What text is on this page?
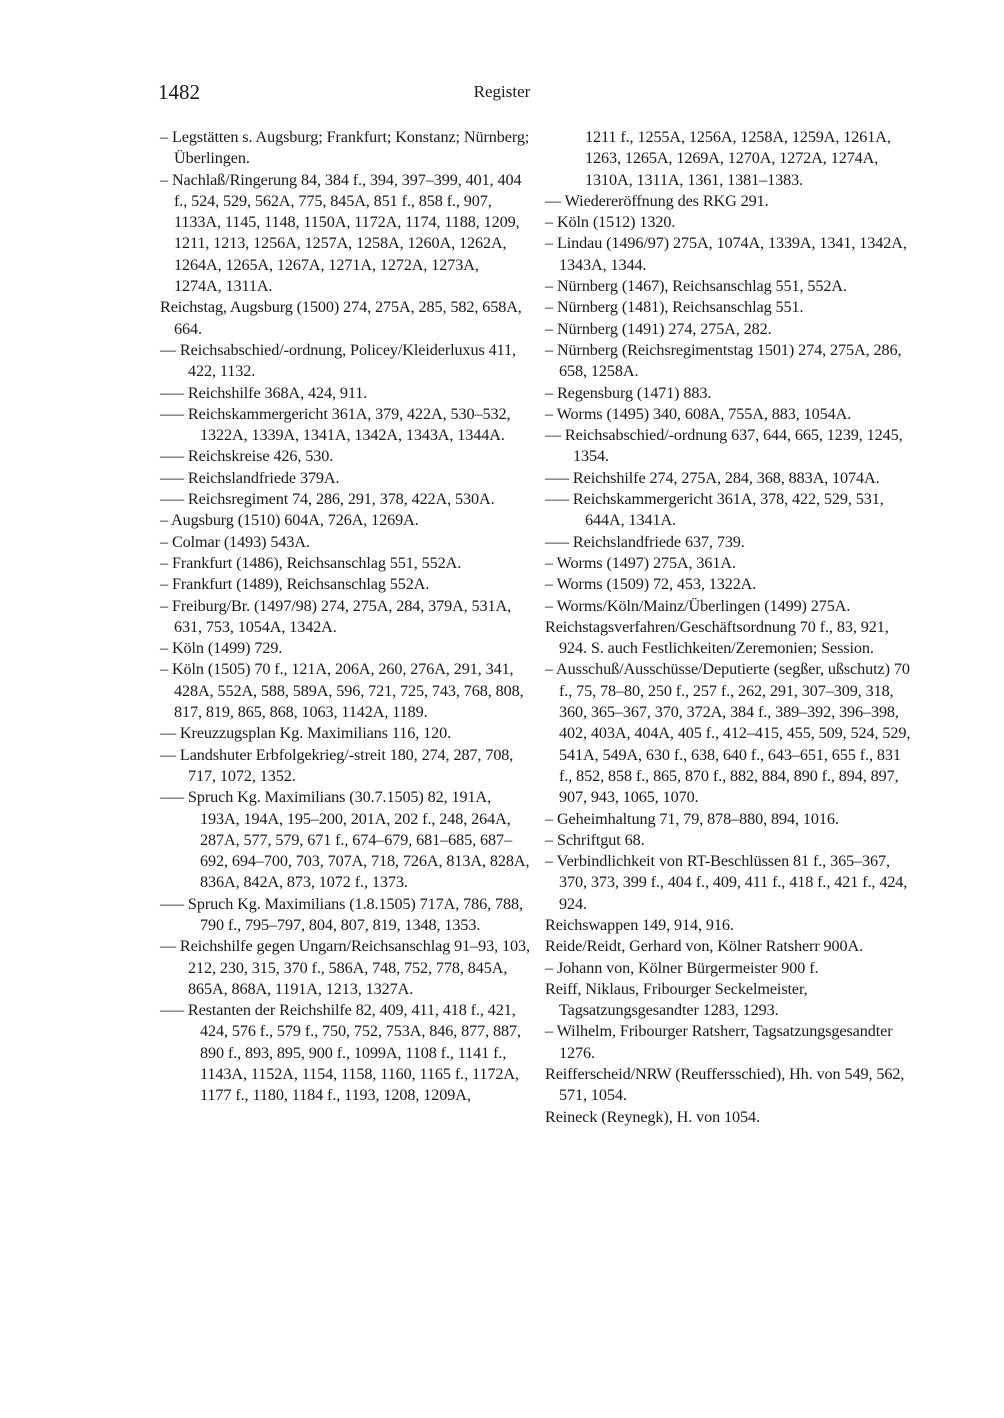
1482	Register
– Legstätten s. Augsburg; Frankfurt; Konstanz; Nürnberg; Überlingen.
– Nachlaß/Ringerung 84, 384 f., 394, 397–399, 401, 404 f., 524, 529, 562A, 775, 845A, 851 f., 858 f., 907, 1133A, 1145, 1148, 1150A, 1172A, 1174, 1188, 1209, 1211, 1213, 1256A, 1257A, 1258A, 1260A, 1262A, 1264A, 1265A, 1267A, 1271A, 1272A, 1273A, 1274A, 1311A.
Reichstag, Augsburg (1500) 274, 275A, 285, 582, 658A, 664.
–– Reichsabschied/-ordnung, Policey/Kleiderluxus 411, 422, 1132.
––– Reichshilfe 368A, 424, 911.
––– Reichskammergericht 361A, 379, 422A, 530–532, 1322A, 1339A, 1341A, 1342A, 1343A, 1344A.
––– Reichskreise 426, 530.
––– Reichslandfriede 379A.
––– Reichsregiment 74, 286, 291, 378, 422A, 530A.
– Augsburg (1510) 604A, 726A, 1269A.
– Colmar (1493) 543A.
– Frankfurt (1486), Reichsanschlag 551, 552A.
– Frankfurt (1489), Reichsanschlag 552A.
– Freiburg/Br. (1497/98) 274, 275A, 284, 379A, 531A, 631, 753, 1054A, 1342A.
– Köln (1499) 729.
– Köln (1505) 70 f., 121A, 206A, 260, 276A, 291, 341, 428A, 552A, 588, 589A, 596, 721, 725, 743, 768, 808, 817, 819, 865, 868, 1063, 1142A, 1189.
–– Kreuzzugsplan Kg. Maximilians 116, 120.
–– Landshuter Erbfolgekrieg/-streit 180, 274, 287, 708, 717, 1072, 1352.
––– Spruch Kg. Maximilians (30.7.1505) 82, 191A, 193A, 194A, 195–200, 201A, 202 f., 248, 264A, 287A, 577, 579, 671 f., 674–679, 681–685, 687–692, 694–700, 703, 707A, 718, 726A, 813A, 828A, 836A, 842A, 873, 1072 f., 1373.
––– Spruch Kg. Maximilians (1.8.1505) 717A, 786, 788, 790 f., 795–797, 804, 807, 819, 1348, 1353.
–– Reichshilfe gegen Ungarn/Reichsanschlag 91–93, 103, 212, 230, 315, 370 f., 586A, 748, 752, 778, 845A, 865A, 868A, 1191A, 1213, 1327A.
––– Restanten der Reichshilfe 82, 409, 411, 418 f., 421, 424, 576 f., 579 f., 750, 752, 753A, 846, 877, 887, 890 f., 893, 895, 900 f., 1099A, 1108 f., 1141 f., 1143A, 1152A, 1154, 1158, 1160, 1165 f., 1172A, 1177 f., 1180, 1184 f., 1193, 1208, 1209A,
1211 f., 1255A, 1256A, 1258A, 1259A, 1261A, 1263, 1265A, 1269A, 1270A, 1272A, 1274A, 1310A, 1311A, 1361, 1381–1383.
–– Wiedereröffnung des RKG 291.
– Köln (1512) 1320.
– Lindau (1496/97) 275A, 1074A, 1339A, 1341, 1342A, 1343A, 1344.
– Nürnberg (1467), Reichsanschlag 551, 552A.
– Nürnberg (1481), Reichsanschlag 551.
– Nürnberg (1491) 274, 275A, 282.
– Nürnberg (Reichsregimentstag 1501) 274, 275A, 286, 658, 1258A.
– Regensburg (1471) 883.
– Worms (1495) 340, 608A, 755A, 883, 1054A.
–– Reichsabschied/-ordnung 637, 644, 665, 1239, 1245, 1354.
––– Reichshilfe 274, 275A, 284, 368, 883A, 1074A.
––– Reichskammergericht 361A, 378, 422, 529, 531, 644A, 1341A.
––– Reichslandfriede 637, 739.
– Worms (1497) 275A, 361A.
– Worms (1509) 72, 453, 1322A.
– Worms/Köln/Mainz/Überlingen (1499) 275A.
Reichstagsverfahren/Geschäftsordnung 70 f., 83, 921, 924. S. auch Festlichkeiten/Zeremonien; Session.
– Ausschuß/Ausschüsse/Deputierte (segßer, ußschutz) 70 f., 75, 78–80, 250 f., 257 f., 262, 291, 307–309, 318, 360, 365–367, 370, 372A, 384 f., 389–392, 396–398, 402, 403A, 404A, 405 f., 412–415, 455, 509, 524, 529, 541A, 549A, 630 f., 638, 640 f., 643–651, 655 f., 831 f., 852, 858 f., 865, 870 f., 882, 884, 890 f., 894, 897, 907, 943, 1065, 1070.
– Geheimhaltung 71, 79, 878–880, 894, 1016.
– Schriftgut 68.
– Verbindlichkeit von RT-Beschlüssen 81 f., 365–367, 370, 373, 399 f., 404 f., 409, 411 f., 418 f., 421 f., 424, 924.
Reichswappen 149, 914, 916.
Reide/Reidt, Gerhard von, Kölner Ratsherr 900A.
– Johann von, Kölner Bürgermeister 900 f.
Reiff, Niklaus, Fribourger Seckelmeister, Tagsatzungsgesandter 1283, 1293.
– Wilhelm, Fribourger Ratsherr, Tagsatzungsgesandter 1276.
Reifferscheid/NRW (Reuffersschied), Hh. von 549, 562, 571, 1054.
Reineck (Reynegk), H. von 1054.
